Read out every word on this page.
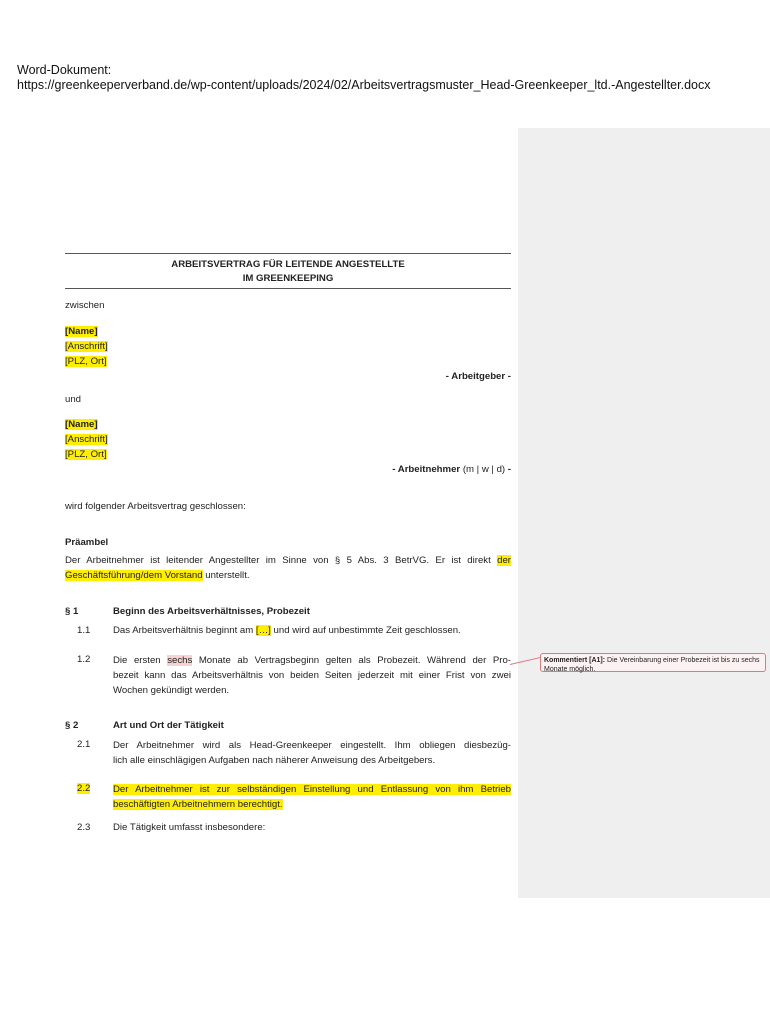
Word-Dokument:
https://greenkeeperverband.de/wp-content/uploads/2024/02/Arbeitsvertragsmuster_Head-Greenkeeper_ltd.-Angestellter.docx
ARBEITSVERTRAG FÜR LEITENDE ANGESTELLTE
IM GREENKEEPING
zwischen
[Name]
[Anschrift]
[PLZ, Ort]
- Arbeitgeber -
und
[Name]
[Anschrift]
[PLZ, Ort]
- Arbeitnehmer (m | w | d) -
wird folgender Arbeitsvertrag geschlossen:
Präambel
Der Arbeitnehmer ist leitender Angestellter im Sinne von § 5 Abs. 3 BetrVG. Er ist direkt der
Geschäftsführung/dem Vorstand unterstellt.
§ 1	Beginn des Arbeitsverhältnisses, Probezeit
1.1	Das Arbeitsverhältnis beginnt am […] und wird auf unbestimmte Zeit geschlossen.
1.2	Die ersten sechs Monate ab Vertragsbeginn gelten als Probezeit. Während der Pro-
bezeit kann das Arbeitsverhältnis von beiden Seiten jederzeit mit einer Frist von zwei
Wochen gekündigt werden.
§ 2	Art und Ort der Tätigkeit
2.1	Der Arbeitnehmer wird als Head-Greenkeeper eingestellt. Ihm obliegen diesbezüg-
lich alle einschlägigen Aufgaben nach näherer Anweisung des Arbeitgebers.
2.2	Der Arbeitnehmer ist zur selbständigen Einstellung und Entlassung von ihm Betrieb
beschäftigten Arbeitnehmern berechtigt.
2.3	Die Tätigkeit umfasst insbesondere:
Kommentiert [A1]: Die Vereinbarung einer Probezeit ist bis zu sechs Monate möglich.
